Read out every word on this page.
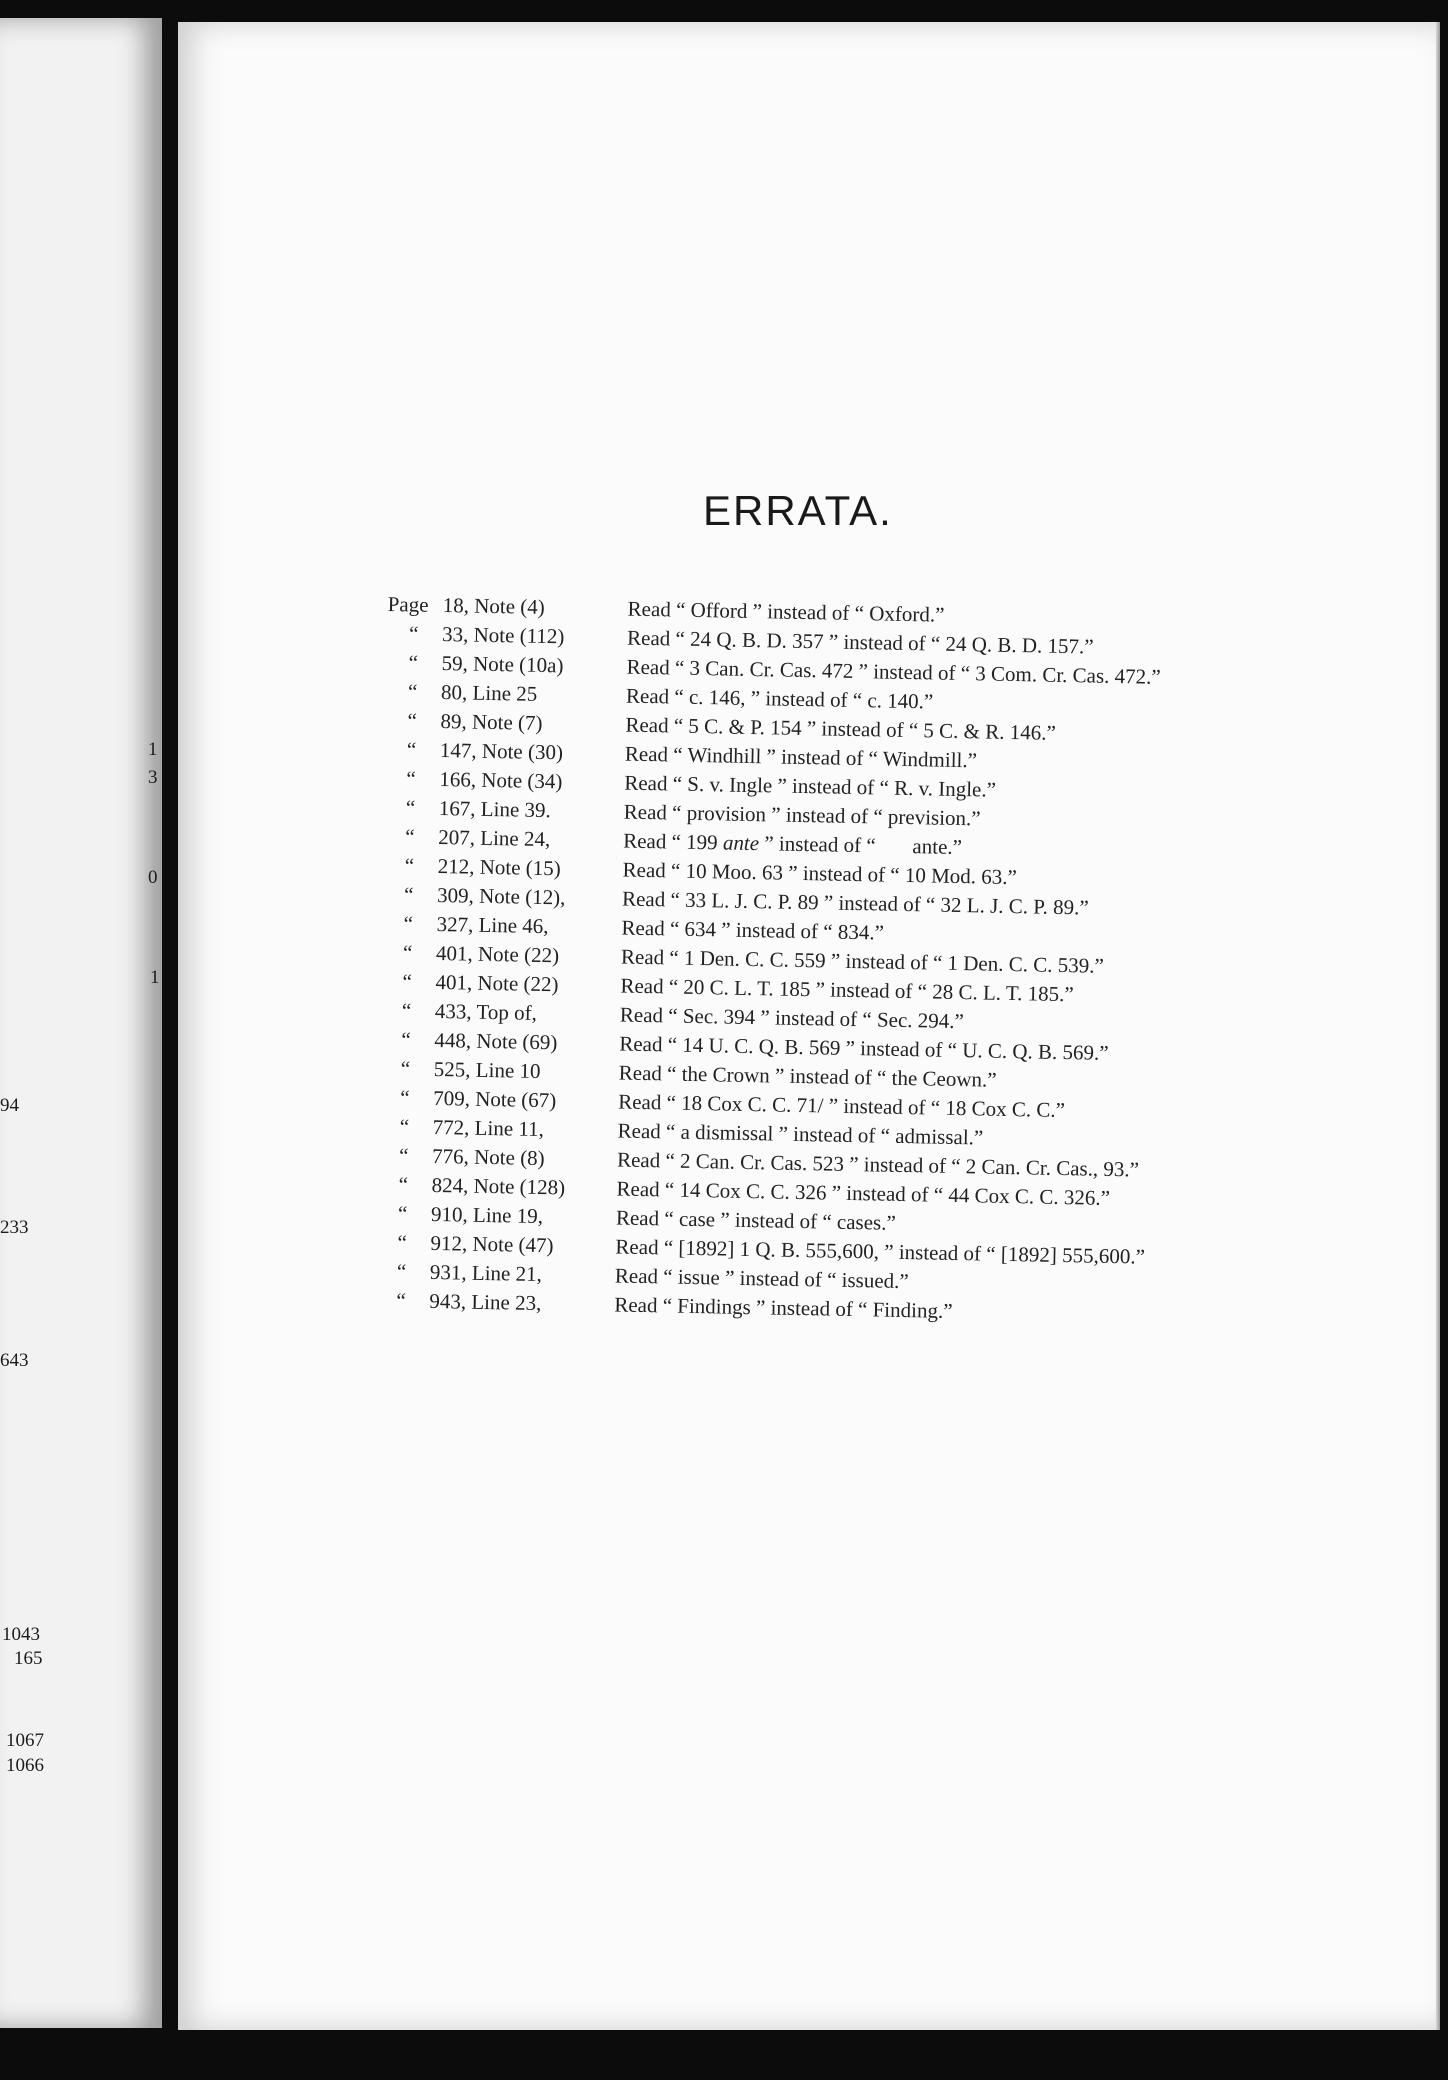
1
3
0
1
94
233
643
1043
165
1067
1066
ERRATA.
Page 18, Note (4)	Read “ Offord ” instead of “ Oxford.”
“	33, Note (112)	Read “ 24 Q. B. D. 357 ” instead of “ 24 Q. B. D. 157.”
“	59, Note (10a)	Read “ 3 Can. Cr. Cas. 472 ” instead of “ 3 Com. Cr. Cas. 472.”
“	80, Line 25	Read “ c. 146, ” instead of “ c. 140.”
“	89, Note (7)	Read “ 5 C. & P. 154 ” instead of “ 5 C. & R. 146.”
“	147, Note (30)	Read “ Windhill ” instead of “ Windmill.”
“	166, Note (34)	Read “ S. v. Ingle ” instead of “ R. v. Ingle.”
“	167, Line 39.	Read “ provision ” instead of “ prevision.”
“	207, Line 24,	Read “ 199 ante ” instead of “       ante.”
“	212, Note (15)	Read “ 10 Moo. 63 ” instead of “ 10 Mod. 63.”
“	309, Note (12),	Read “ 33 L. J. C. P. 89 ” instead of “ 32 L. J. C. P. 89.”
“	327, Line 46,	Read “ 634 ” instead of “ 834.”
“	401, Note (22)	Read “ 1 Den. C. C. 559 ” instead of “ 1 Den. C. C. 539.”
“	401, Note (22)	Read “ 20 C. L. T. 185 ” instead of “ 28 C. L. T. 185.”
“	433, Top of,	Read “ Sec. 394 ” instead of “ Sec. 294.”
“	448, Note (69)	Read “ 14 U. C. Q. B. 569 ” instead of “ U. C. Q. B. 569.”
“	525, Line 10	Read “ the Crown ” instead of “ the Ceown.”
“	709, Note (67)	Read “ 18 Cox C. C. 71/ ” instead of “ 18 Cox C. C.”
“	772, Line 11,	Read “ a dismissal ” instead of “ admissal.”
“	776, Note (8)	Read “ 2 Can. Cr. Cas. 523 ” instead of “ 2 Can. Cr. Cas., 93.”
“	824, Note (128)	Read “ 14 Cox C. C. 326 ” instead of “ 44 Cox C. C. 326.”
“	910, Line 19,	Read “ case ” instead of “ cases.”
“	912, Note (47)	Read “ [1892] 1 Q. B. 555,600, ” instead of “ [1892] 555,600.”
“	931, Line 21,	Read “ issue ” instead of “ issued.”
“	943, Line 23,	Read “ Findings ” instead of “ Finding.”
